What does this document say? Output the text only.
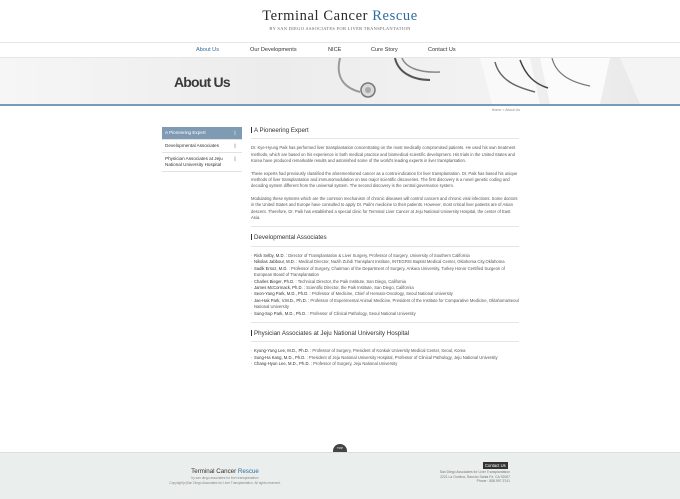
Terminal Cancer Rescue
BY SAN DIEGO ASSOCIATES FOR LIVER TRANSPLANTATION
About Us	Our Developments	NICE	Cure Story	Contact Us
About Us
Home > About Us
A Pioneering Expert	❘
Developmental Associates	❘
Physician Associates at Jeju National University Hospital
❘
A Pioneering Expert
Dr. Kye-Hyung Paik has performed liver transplantation concentrating on the most medically compromised patients. He used his own treatment methods, which are based on his experience in both medical practice and biomedical scientific development. His trials in the United States and Korea have produced remarkable results and astonished some of the world's leading experts in liver transplantation.
These experts had previously classified the aforementioned cancer as a contra-indication for liver transplantation. Dr. Paik has based his unique methods of liver transplantation and immunomodulation on two major scientific discoveries. The first discovery is a novel genetic coding and decoding system different from the universal system. The second discovery is the central governance system.
Modulating these systems which are the common mechanism of chronic diseases will control cancers and chronic viral infections. Some doctors in the United States and Europe have consulted to apply Dr. Paik's medicine to their patients. However, most critical liver patients are of Asian descent. Therefore, Dr. Paik has established a special clinic for Terminal Liver Cancer at Jeju National University Hospital, the center of East Asia.
Developmental Associates
· Rick Selby, M.D. : Director of Transplantation & Liver Surgery, Professor of Surgery, University of Southern California
· Nikolas Jabbour, M.D. : Medical Director, Nazih Zuhdi Transplant Institute, INTEGRIS Baptist Medical Center, Oklahoma City,Oklahoma
· Sadik Ersoz, M.D. : Professor of Surgery, Chairman of the Department of Surgery, Ankara University, Turkey Honor Certified Surgeon of European Board of Transplantation
· Charles Bieger, Ph.D. : Technical Director, the Paik Institute, San Diego, California
· James McCormack, Ph.D. : Scientific Director, the Paik Institute, San Diego, California
· Seon-Yang Park, M.D., Ph.D. : Professor of Medicine, Chief of Hemato-Oncology, Seoul National University
· Jae-Hak Park, V.M.D., Ph.D. : Professor of Experimental Animal Medicine, President of the Institute for Comparative Medicine, OklahomaSeoul National University
· Sung-Sup Park, M.D., Ph.D. : Professor of Clinical Pathology, Seoul National University
Physician Associates at Jeju National University Hospital
· Kyung-Yung Lee, M.D., Ph.D. : Professor of Surgery, President of Konkuk University Medical Center, Seoul, Korea
· Sung-Ha Kang, M.D., Ph.D. : President of Jeju National University Hospital, Professor of Clinical Pathology, Jeju National University
· Chang-Hyun Lee, M.D., Ph.D. : Professor of Surgery, Jeju National University
TOP
Terminal Cancer Rescue
by san diego associates for liver transplantation
Copyright(c)San Diego Associates for Liver Transplantation. All rights reserved.
Contact Us
San Diego Associates for Liver Transplantation
2221 La Gonlina, Rancho Santa Fe, CA 92067
Phone : 858.997.3741
